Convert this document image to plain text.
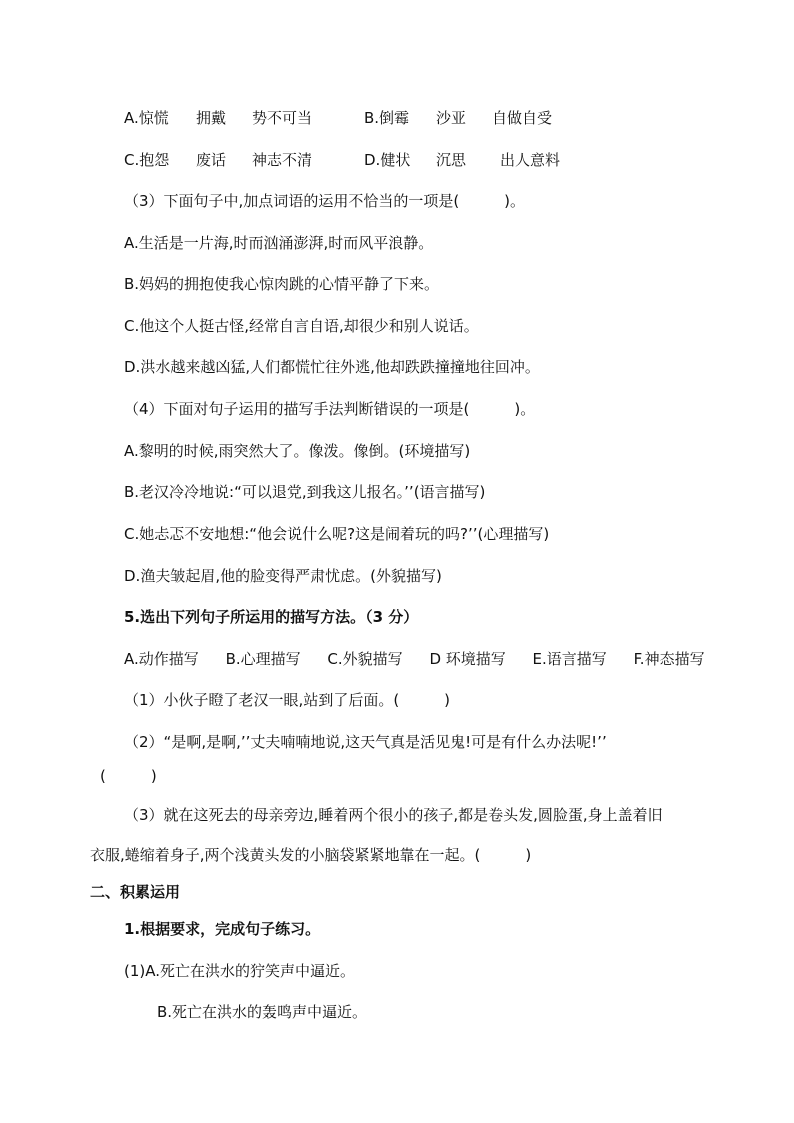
A.惊慌 拥戴 势不可当	B.倒霉 沙亚 自做自受
C.抱怨 废话 神志不清	D.健状 沉思 出人意料
（3）下面句子中,加点词语的运用不恰当的一项是(　　　)。
A.生活是一片海,时而汹涌澎湃,时而风平浪静。
B.妈妈的拥抱使我心惊肉跳的心情平静了下来。
C.他这个人挺古怪,经常自言自语,却很少和别人说话。
D.洪水越来越凶猛,人们都慌忙往外逃,他却跌跌撞撞地往回冲。
（4）下面对句子运用的描写手法判断错误的一项是(　　　)。
A.黎明的时候,雨突然大了。像泼。像倒。(环境描写)
B.老汉冷冷地说:“可以退党,到我这儿报名。’’(语言描写)
C.她忐忑不安地想:“他会说什么呢?这是闹着玩的吗?’’(心理描写)
D.渔夫皱起眉,他的脸变得严肃忧虑。(外貌描写)
5.选出下列句子所运用的描写方法。（3 分）
A.动作描写 B.心理描写 C.外貌描写 D 环境描写 E.语言描写 F.神态描写
（1）小伙子瞪了老汉一眼,站到了后面。(　　　)
（2）“是啊,是啊,’’丈夫喃喃地说,这天气真是活见鬼!可是有什么办法呢!’’
(　　　)
（3）就在这死去的母亲旁边,睡着两个很小的孩子,都是卷头发,圆脸蛋,身上盖着旧
衣服,蜷缩着身子,两个浅黄头发的小脑袋紧紧地靠在一起。(　　　)
二、积累运用
1.根据要求，完成句子练习。
(1)A.死亡在洪水的狞笑声中逼近。
B.死亡在洪水的轰鸣声中逼近。
